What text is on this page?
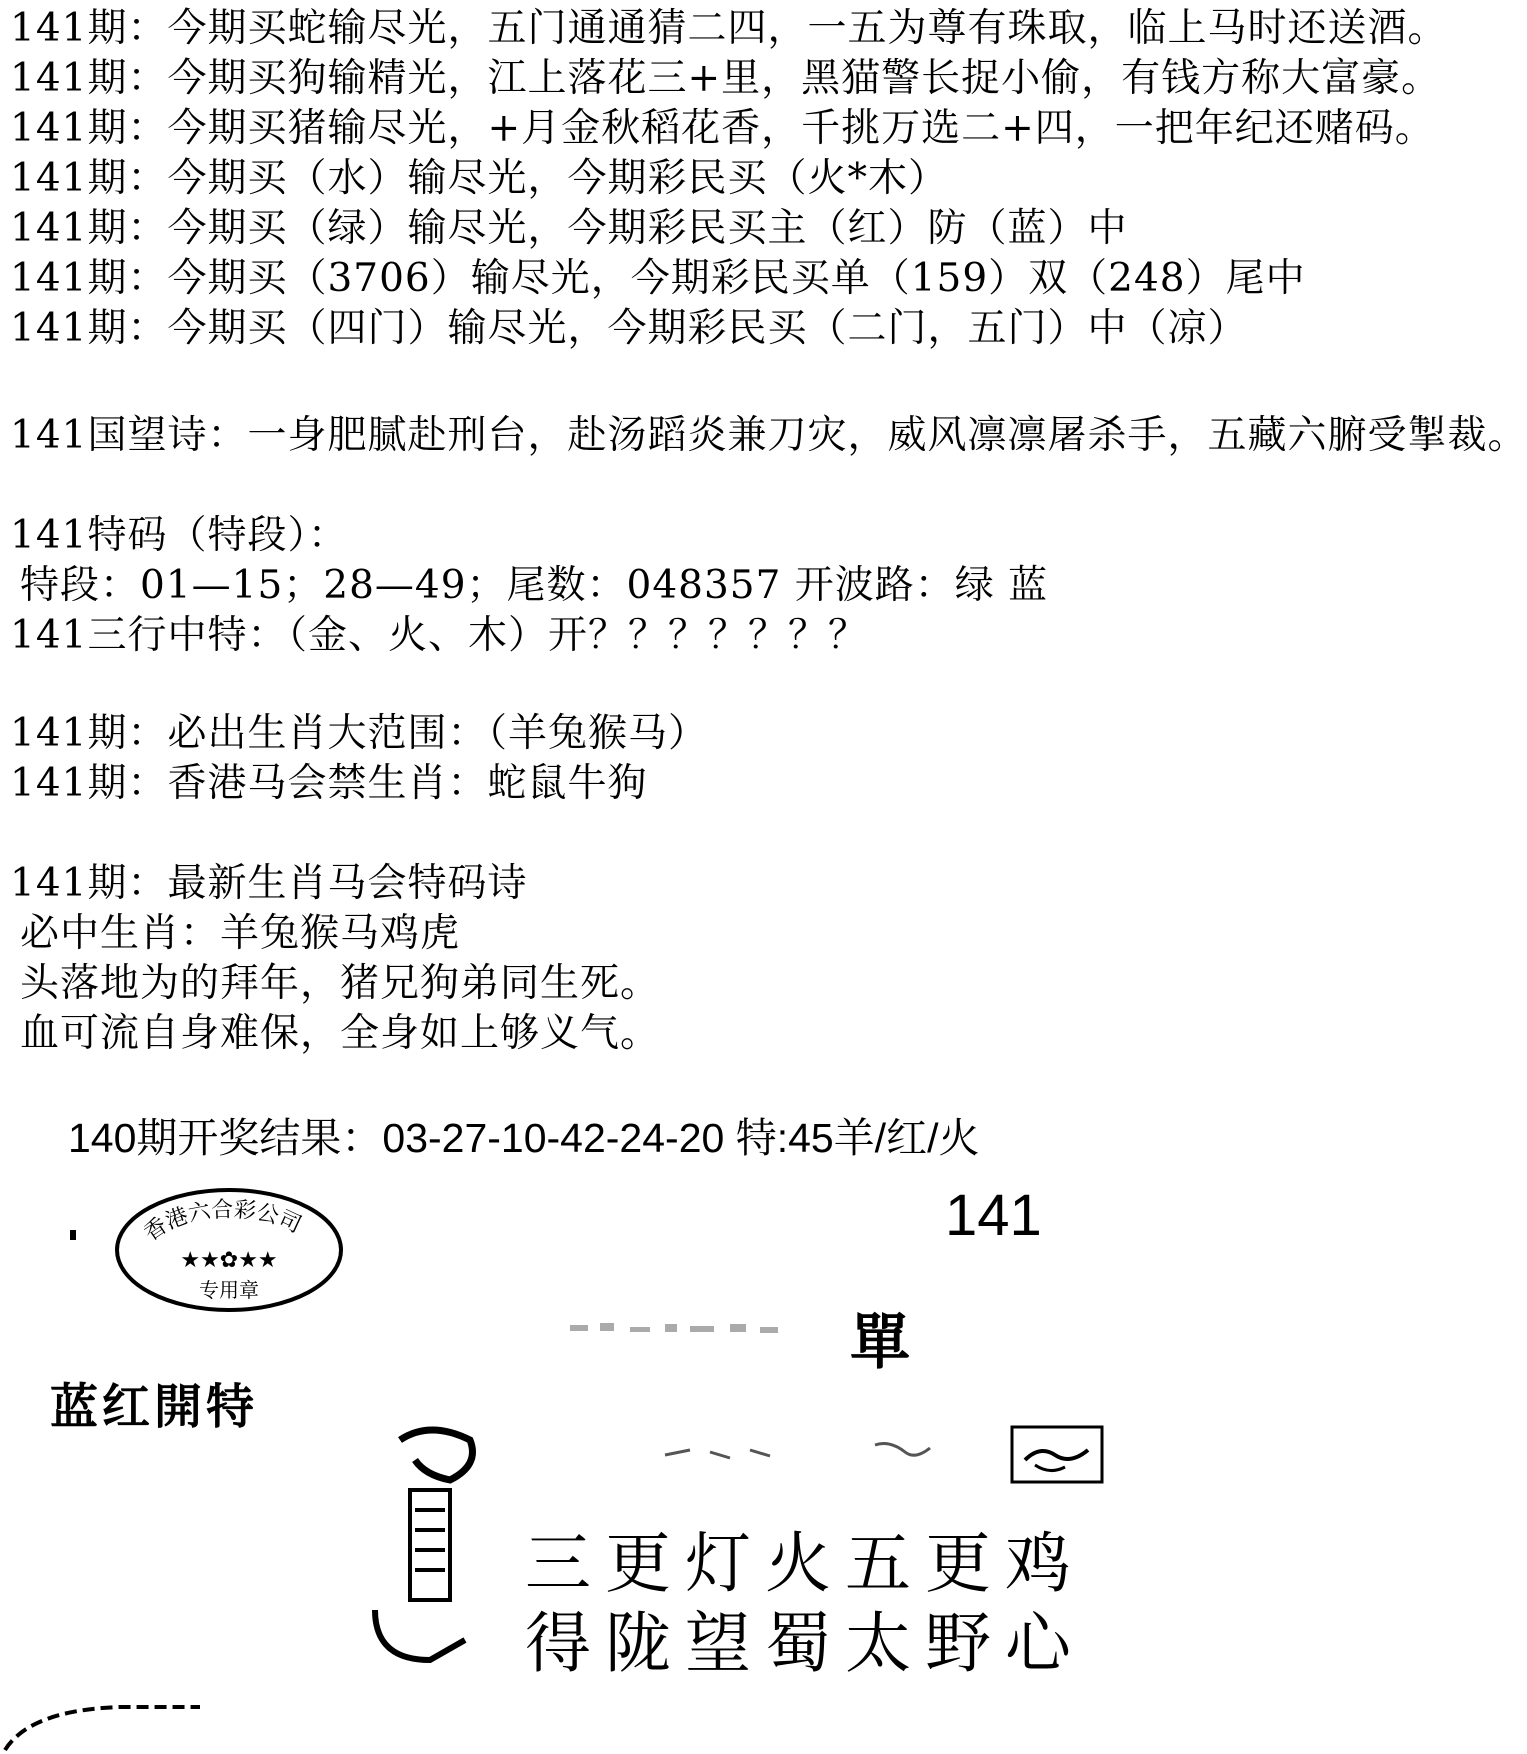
141期：今期买蛇输尽光，五门通通猜二四，一五为尊有珠取，临上马时还送酒。
141期：今期买狗输精光，江上落花三+里，黑猫警长捉小偷，有钱方称大富豪。
141期：今期买猪输尽光，+月金秋稻花香，千挑万选二+四，一把年纪还赌码。
141期：今期买（水）输尽光，今期彩民买（火*木）
141期：今期买（绿）输尽光，今期彩民买主（红）防（蓝）中
141期：今期买（3706）输尽光，今期彩民买单（159）双（248）尾中
141期：今期买（四门）输尽光，今期彩民买（二门，五门）中（凉）
141国望诗：一身肥腻赴刑台，赴汤蹈炎兼刀灾，威风凛凛屠杀手，五藏六腑受掣裁。
141特码（特段）：
特段：01—15；28—49；尾数：048357 开波路：绿 蓝
141三行中特：（金、火、木）开？？？？？？？
141期：必出生肖大范围：（羊兔猴马）
141期：香港马会禁生肖：蛇鼠牛狗
141期：最新生肖马会特码诗
必中生肖：羊兔猴马鸡虎
头落地为的拜年，猪兄狗弟同生死。
血可流自身难保，全身如上够义气。
140期开奖结果：03-27-10-42-24-20 特:45羊/红/火
香港六合彩公司
★★✿★★
专用章
141
單
蓝红開特
三更灯火五更鸡
得陇望蜀太野心
